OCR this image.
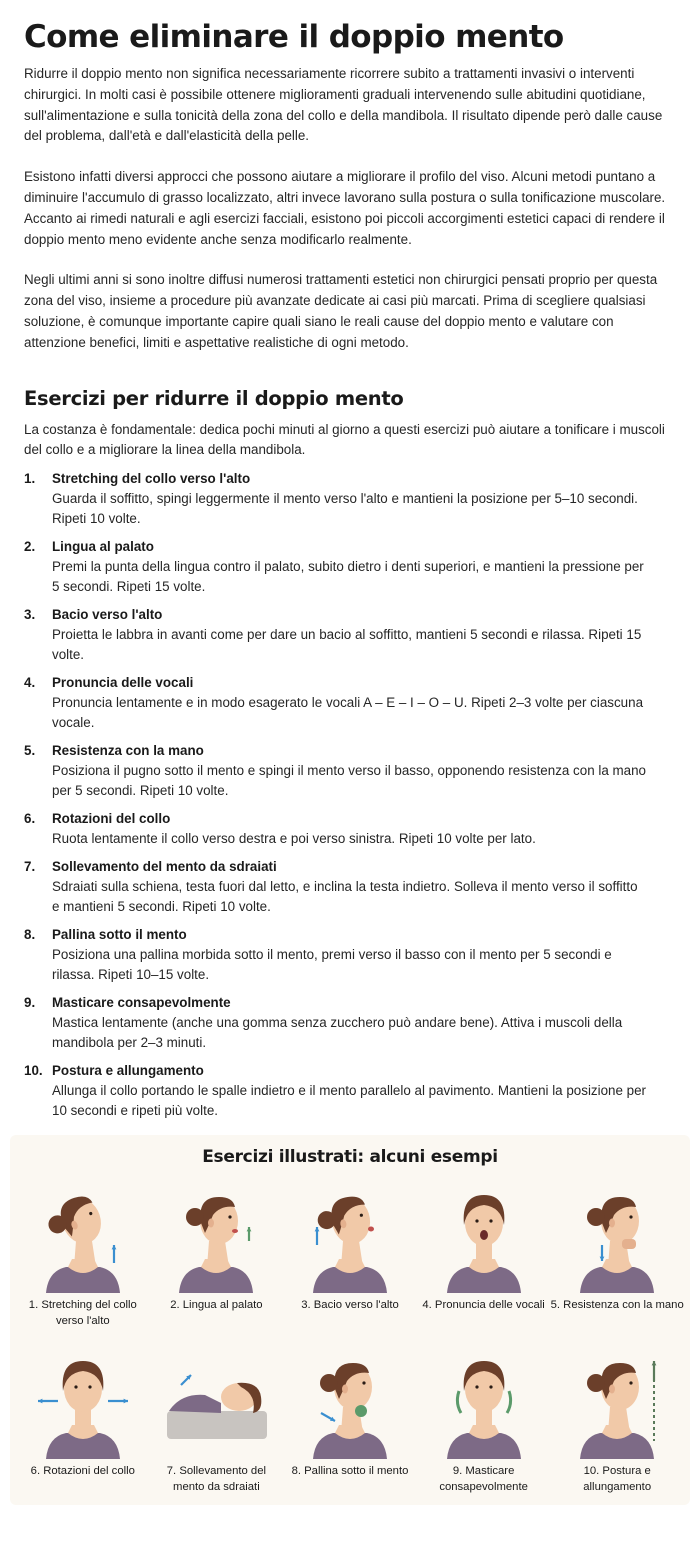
Come eliminare il doppio mento

Ridurre il doppio mento non significa necessariamente ricorrere subito a trattamenti invasivi o interventi chirurgici. In molti casi è possibile ottenere miglioramenti graduali intervenendo sulle abitudini quotidiane, sull'alimentazione e sulla tonicità della zona del collo e della mandibola. Il risultato dipende però dalle cause del problema, dall'età e dall'elasticità della pelle.

Esistono infatti diversi approcci che possono aiutare a migliorare il profilo del viso. Alcuni metodi puntano a diminuire l'accumulo di grasso localizzato, altri invece lavorano sulla postura o sulla tonificazione muscolare. Accanto ai rimedi naturali e agli esercizi facciali, esistono poi piccoli accorgimenti estetici capaci di rendere il doppio mento meno evidente anche senza modificarlo realmente.

Negli ultimi anni si sono inoltre diffusi numerosi trattamenti estetici non chirurgici pensati proprio per questa zona del viso, insieme a procedure più avanzate dedicate ai casi più marcati. Prima di scegliere qualsiasi soluzione, è comunque importante capire quali siano le reali cause del doppio mento e valutare con attenzione benefici, limiti e aspettative realistiche di ogni metodo.

Esercizi per ridurre il doppio mento

La costanza è fondamentale: dedica pochi minuti al giorno a questi esercizi può aiutare a tonificare i muscoli del collo e a migliorare la linea della mandibola.

1.	Stretching del collo verso l'alto
Guarda il soffitto, spingi leggermente il mento verso l'alto e mantieni la posizione per 5–10 secondi. Ripeti 10 volte.
2.	Lingua al palato
Premi la punta della lingua contro il palato, subito dietro i denti superiori, e mantieni la pressione per 5 secondi. Ripeti 15 volte.
3.	Bacio verso l'alto
Proietta le labbra in avanti come per dare un bacio al soffitto, mantieni 5 secondi e rilassa. Ripeti 15 volte.
4.	Pronuncia delle vocali
Pronuncia lentamente e in modo esagerato le vocali A – E – I – O – U. Ripeti 2–3 volte per ciascuna vocale.
5.	Resistenza con la mano
Posiziona il pugno sotto il mento e spingi il mento verso il basso, opponendo resistenza con la mano per 5 secondi. Ripeti 10 volte.
6.	Rotazioni del collo
Ruota lentamente il collo verso destra e poi verso sinistra. Ripeti 10 volte per lato.
7.	Sollevamento del mento da sdraiati
Sdraiati sulla schiena, testa fuori dal letto, e inclina la testa indietro. Solleva il mento verso il soffitto e mantieni 5 secondi. Ripeti 10 volte.
8.	Pallina sotto il mento
Posiziona una pallina morbida sotto il mento, premi verso il basso con il mento per 5 secondi e rilassa. Ripeti 10–15 volte.
9.	Masticare consapevolmente
Mastica lentamente (anche una gomma senza zucchero può andare bene). Attiva i muscoli della mandibola per 2–3 minuti.
10. Postura e allungamento
Allunga il collo portando le spalle indietro e il mento parallelo al pavimento. Mantieni la posizione per 10 secondi e ripeti più volte.
Esercizi illustrati: alcuni esempi
1. Stretching del collo verso l'alto
2. Lingua al palato	3. Bacio verso l'alto 4. Pronuncia delle vocali 5. Resistenza con la mano
6. Rotazioni del collo	7. Sollevamento del mento da sdraiati
8. Pallina sotto il mento	9. Masticare consapevolmente
10. Postura e allungamento
